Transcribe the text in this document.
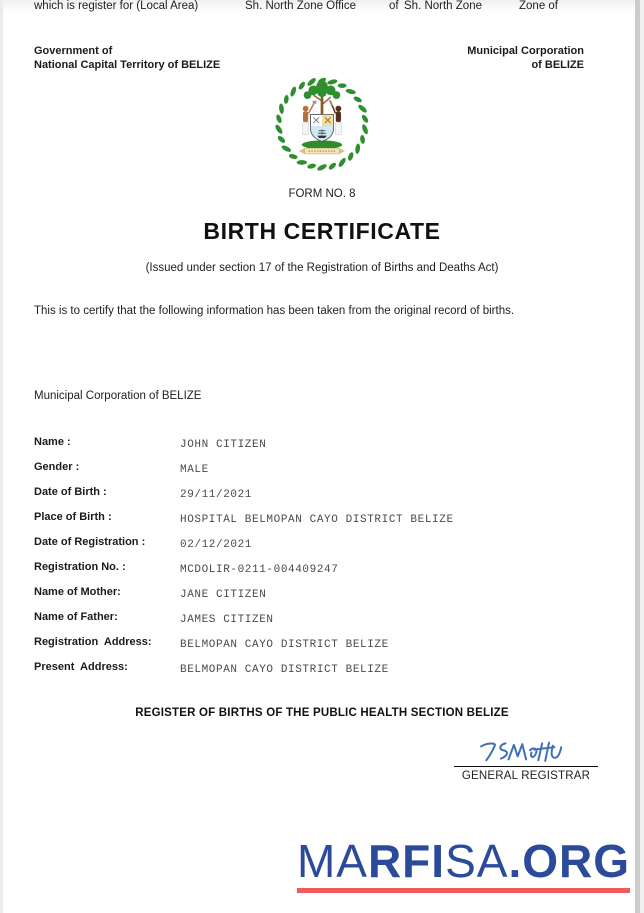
Government of
National Capital Territory of BELIZE
Municipal Corporation
of BELIZE
FORM NO. 8
BIRTH CERTIFICATE
(Issued under section 17 of the Registration of Births and Deaths Act)
This is to certify that the following information has been taken from the original record of births.
which is register for (Local Area)	Sh. North Zone Office	of Sh. North Zone	Zone of
Municipal Corporation of BELIZE
Name :	JOHN CITIZEN
Gender :	MALE
Date of Birth :	29/11/2021
Place of Birth :	HOSPITAL BELMOPAN CAYO DISTRICT BELIZE
Date of Registration :	02/12/2021
Registration No. :	MCDOLIR-0211-004409247
Name of Mother:	JANE CITIZEN
Name of Father:	JAMES CITIZEN
Registration  Address:	BELMOPAN CAYO DISTRICT BELIZE
Present  Address:	BELMOPAN CAYO DISTRICT BELIZE
REGISTER OF BIRTHS OF THE PUBLIC HEALTH SECTION BELIZE
GENERAL REGISTRAR
MARFISA.ORG
